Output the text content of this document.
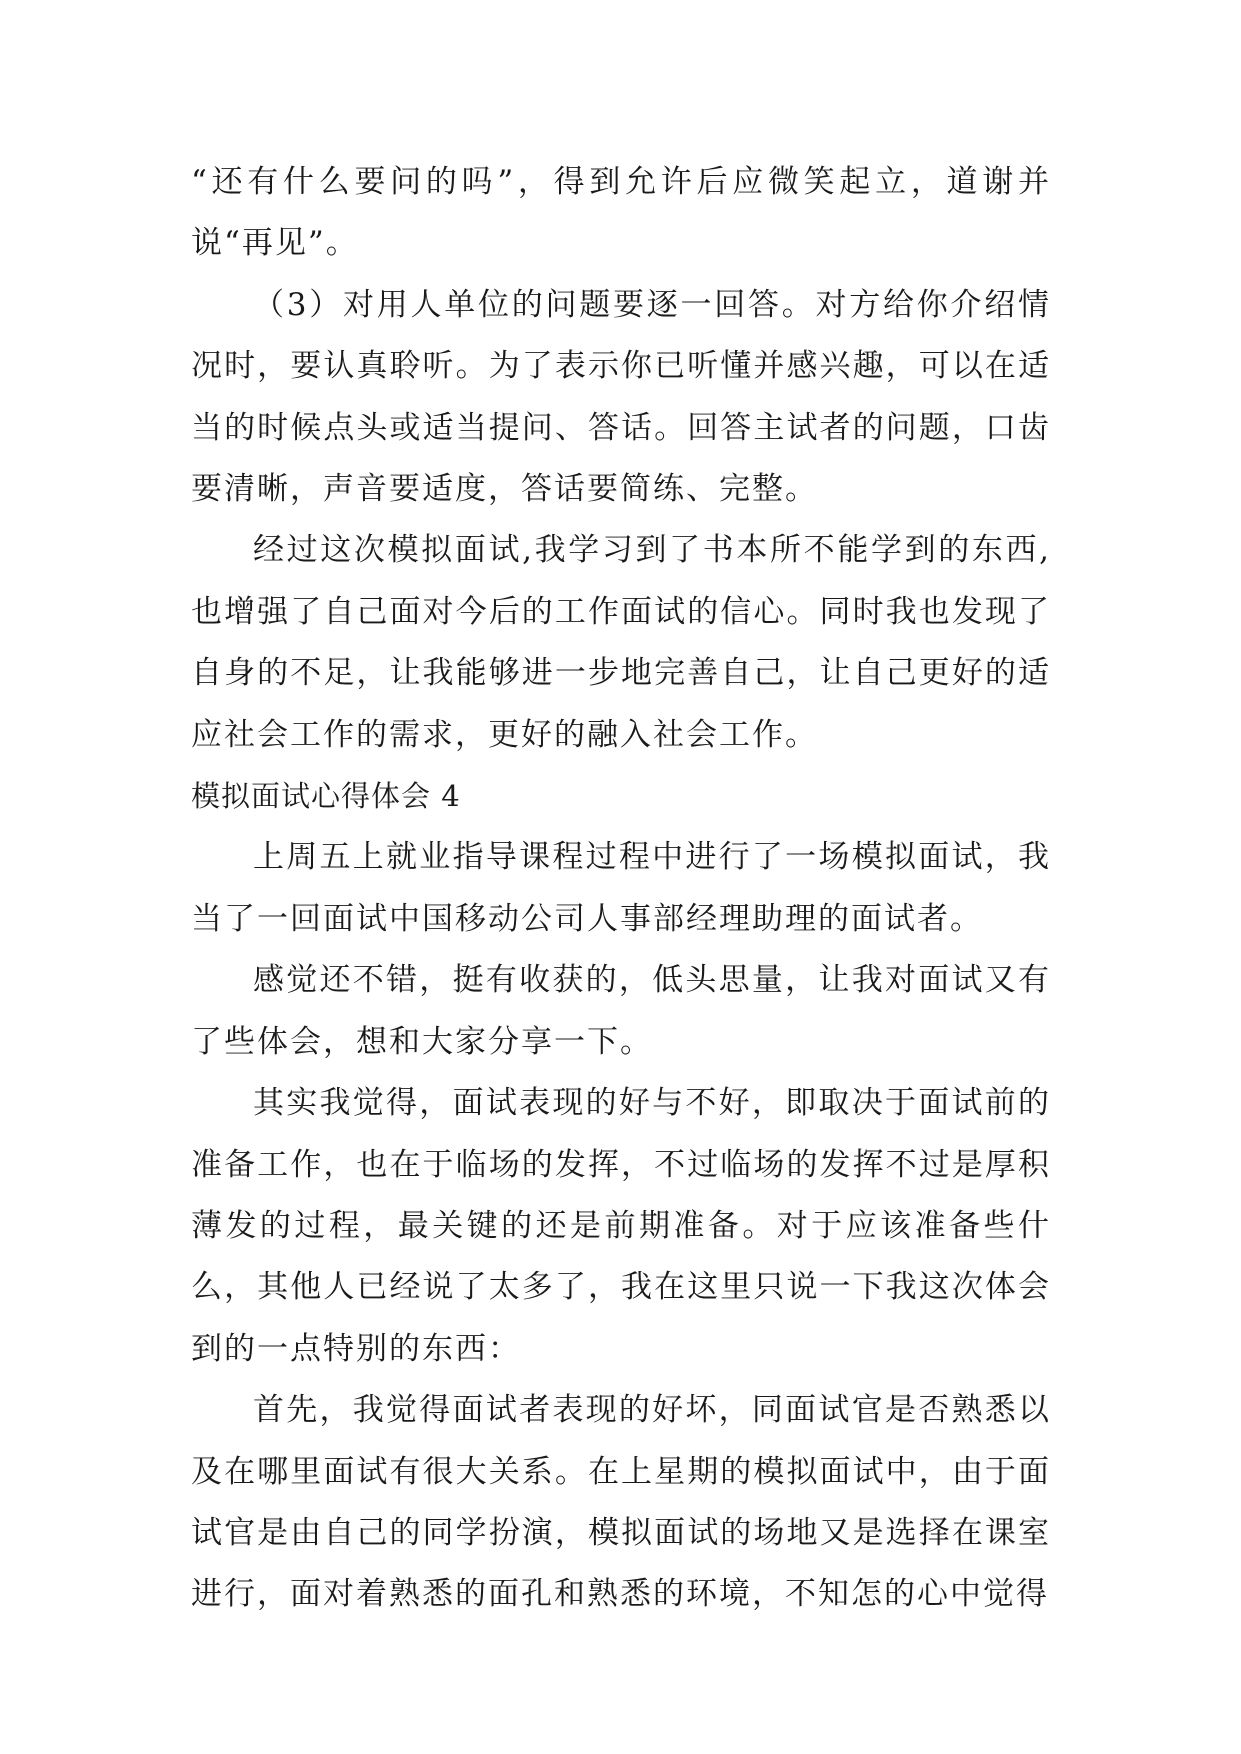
“还有什么要问的吗”，得到允许后应微笑起立，道谢并说“再见”。

（3）对用人单位的问题要逐一回答。对方给你介绍情况时，要认真聆听。为了表示你已听懂并感兴趣，可以在适当的时候点头或适当提问、答话。回答主试者的问题，口齿要清晰，声音要适度，答话要简练、完整。

经过这次模拟面试,我学习到了书本所不能学到的东西,也增强了自己面对今后的工作面试的信心。同时我也发现了自身的不足，让我能够进一步地完善自己，让自己更好的适应社会工作的需求，更好的融入社会工作。

模拟面试心得体会 4

上周五上就业指导课程过程中进行了一场模拟面试，我当了一回面试中国移动公司人事部经理助理的面试者。

感觉还不错，挺有收获的，低头思量，让我对面试又有了些体会，想和大家分享一下。

其实我觉得，面试表现的好与不好，即取决于面试前的准备工作，也在于临场的发挥，不过临场的发挥不过是厚积薄发的过程，最关键的还是前期准备。对于应该准备些什么，其他人已经说了太多了，我在这里只说一下我这次体会到的一点特别的东西：

首先，我觉得面试者表现的好坏，同面试官是否熟悉以及在哪里面试有很大关系。在上星期的模拟面试中，由于面试官是由自己的同学扮演，模拟面试的场地又是选择在课室进行，面对着熟悉的面孔和熟悉的环境，不知怎的心中觉得
